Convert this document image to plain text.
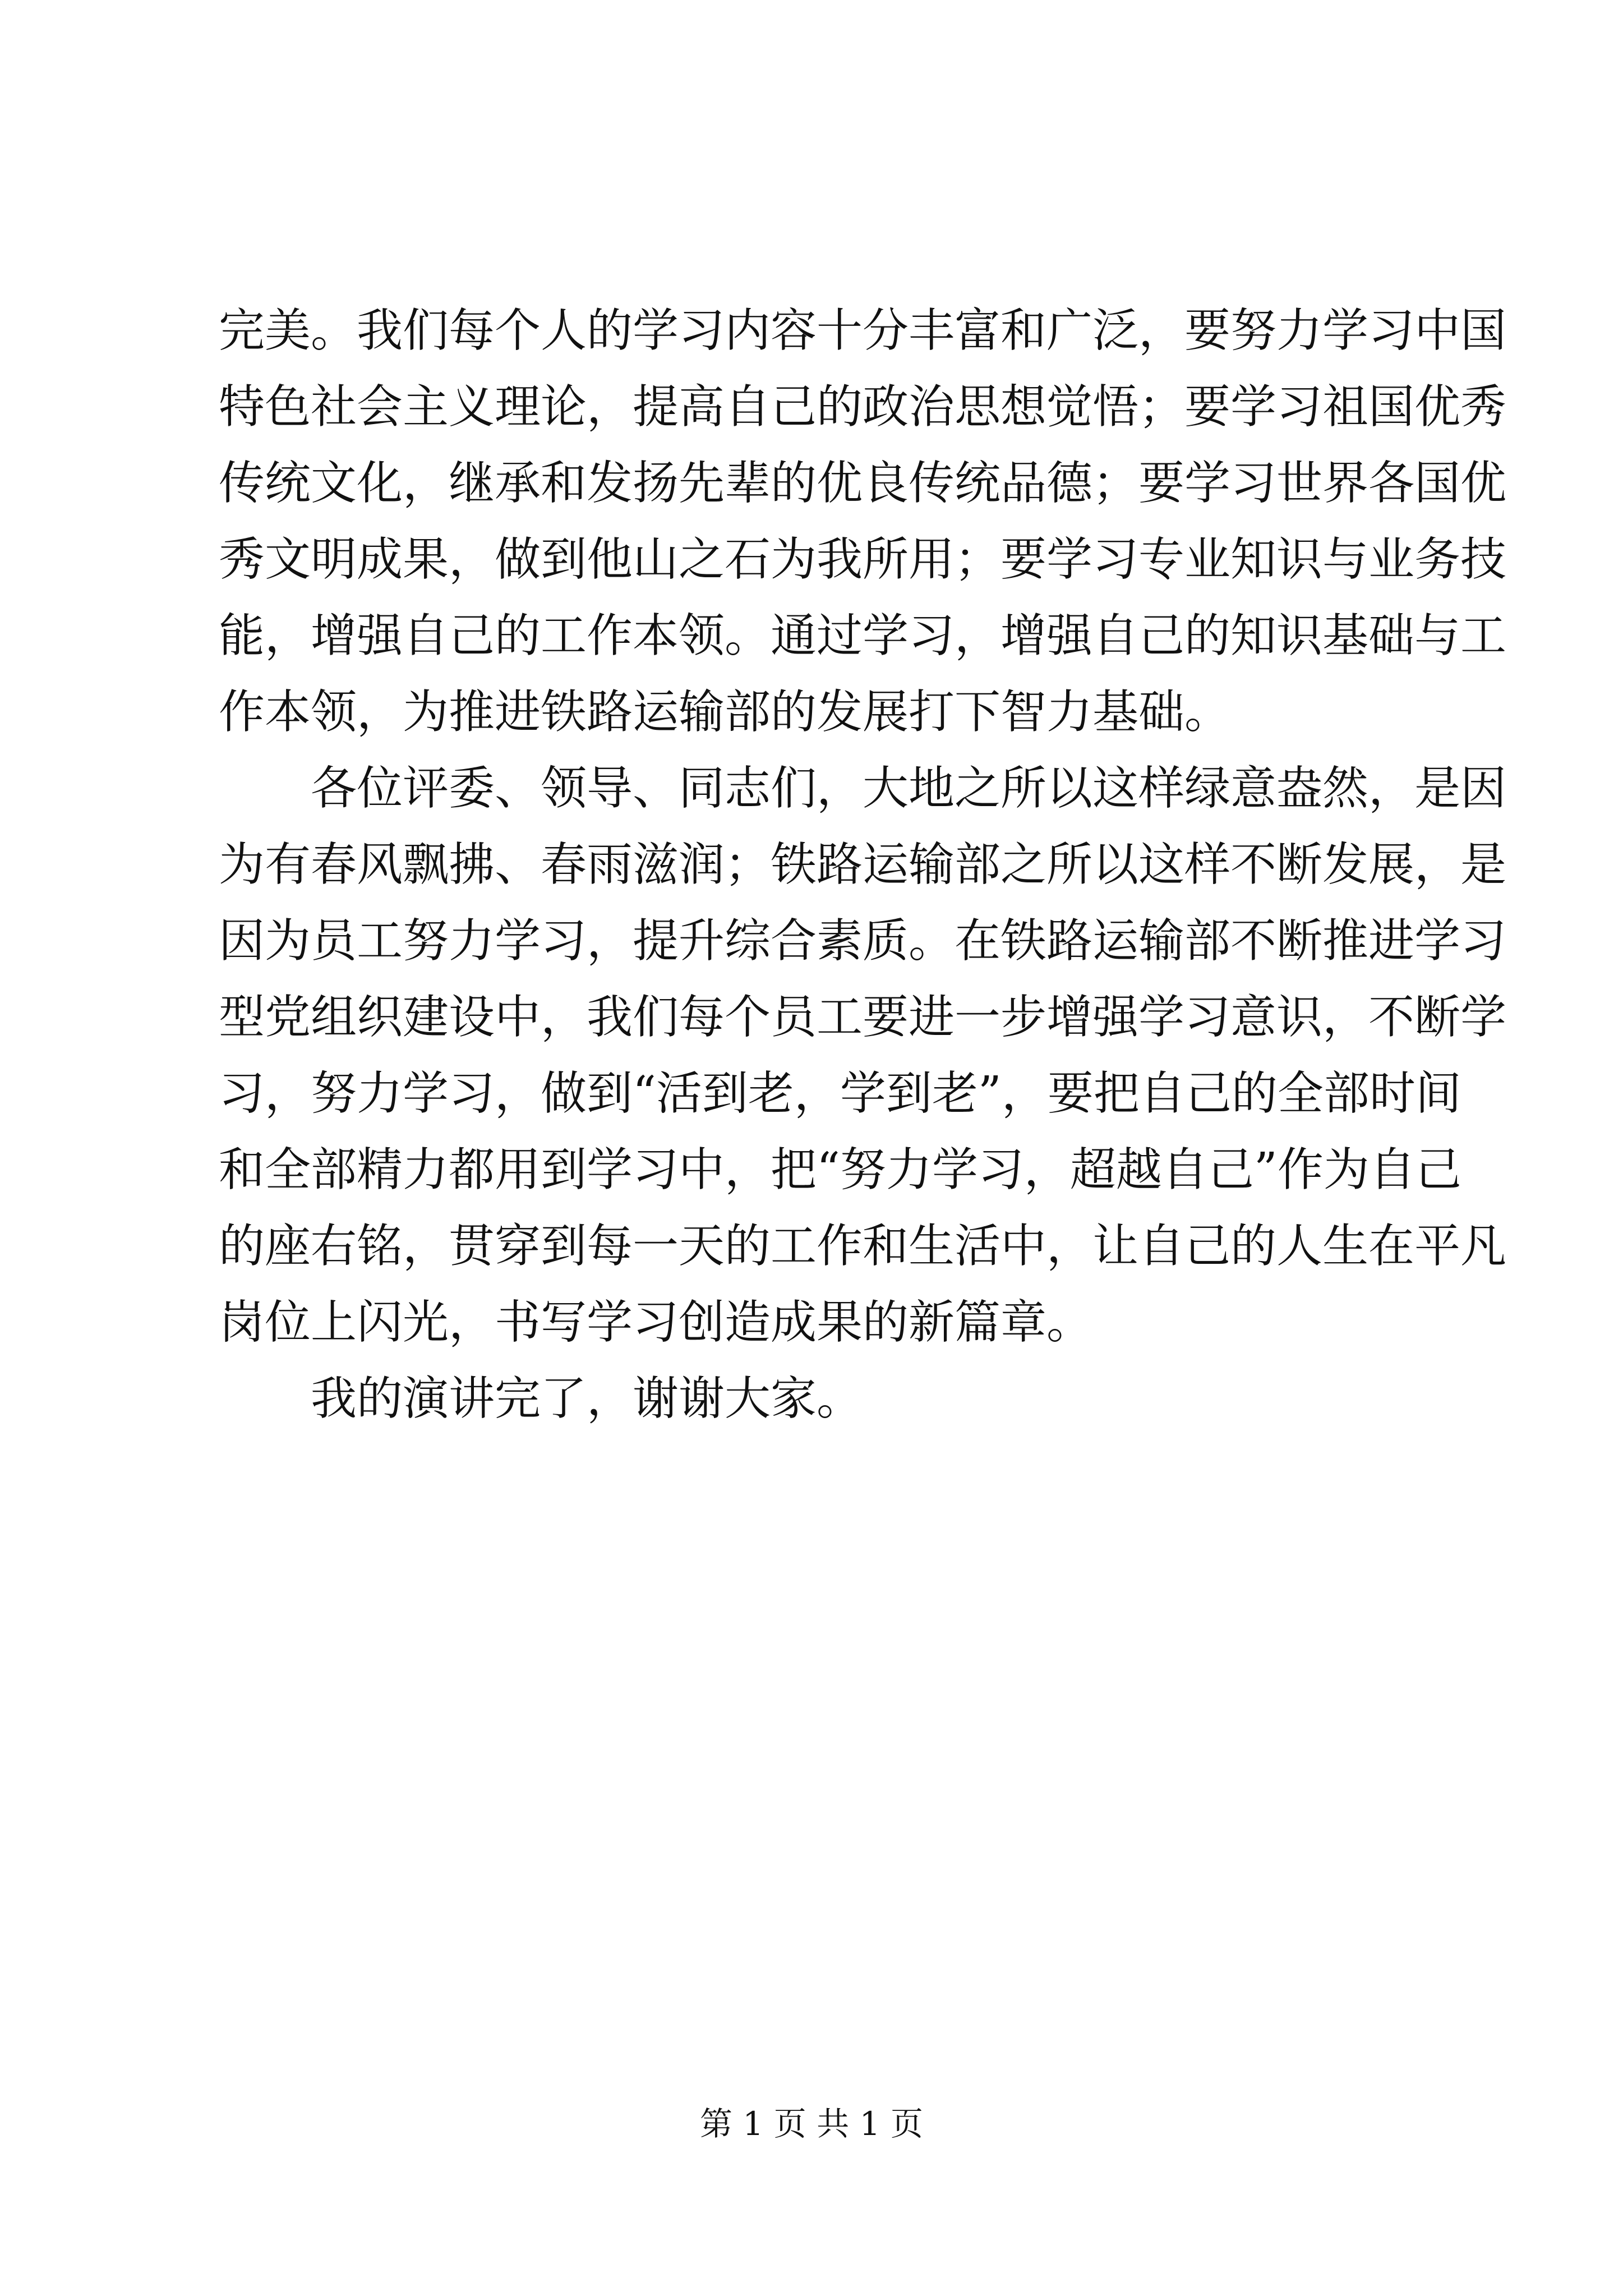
完美。我们每个人的学习内容十分丰富和广泛，要努力学习中国
特色社会主义理论，提高自己的政治思想觉悟；要学习祖国优秀
传统文化，继承和发扬先辈的优良传统品德；要学习世界各国优
秀文明成果，做到他山之石为我所用；要学习专业知识与业务技
能，增强自己的工作本领。通过学习，增强自己的知识基础与工
作本领，为推进铁路运输部的发展打下智力基础。
各位评委、领导、同志们，大地之所以这样绿意盎然，是因
为有春风飘拂、春雨滋润；铁路运输部之所以这样不断发展，是
因为员工努力学习，提升综合素质。在铁路运输部不断推进学习
型党组织建设中，我们每个员工要进一步增强学习意识，不断学
习，努力学习，做到“活到老，学到老”，要把自己的全部时间
和全部精力都用到学习中，把“努力学习，超越自己”作为自己
的座右铭，贯穿到每一天的工作和生活中，让自己的人生在平凡
岗位上闪光，书写学习创造成果的新篇章。
我的演讲完了，谢谢大家。
第 1 页 共 1 页
